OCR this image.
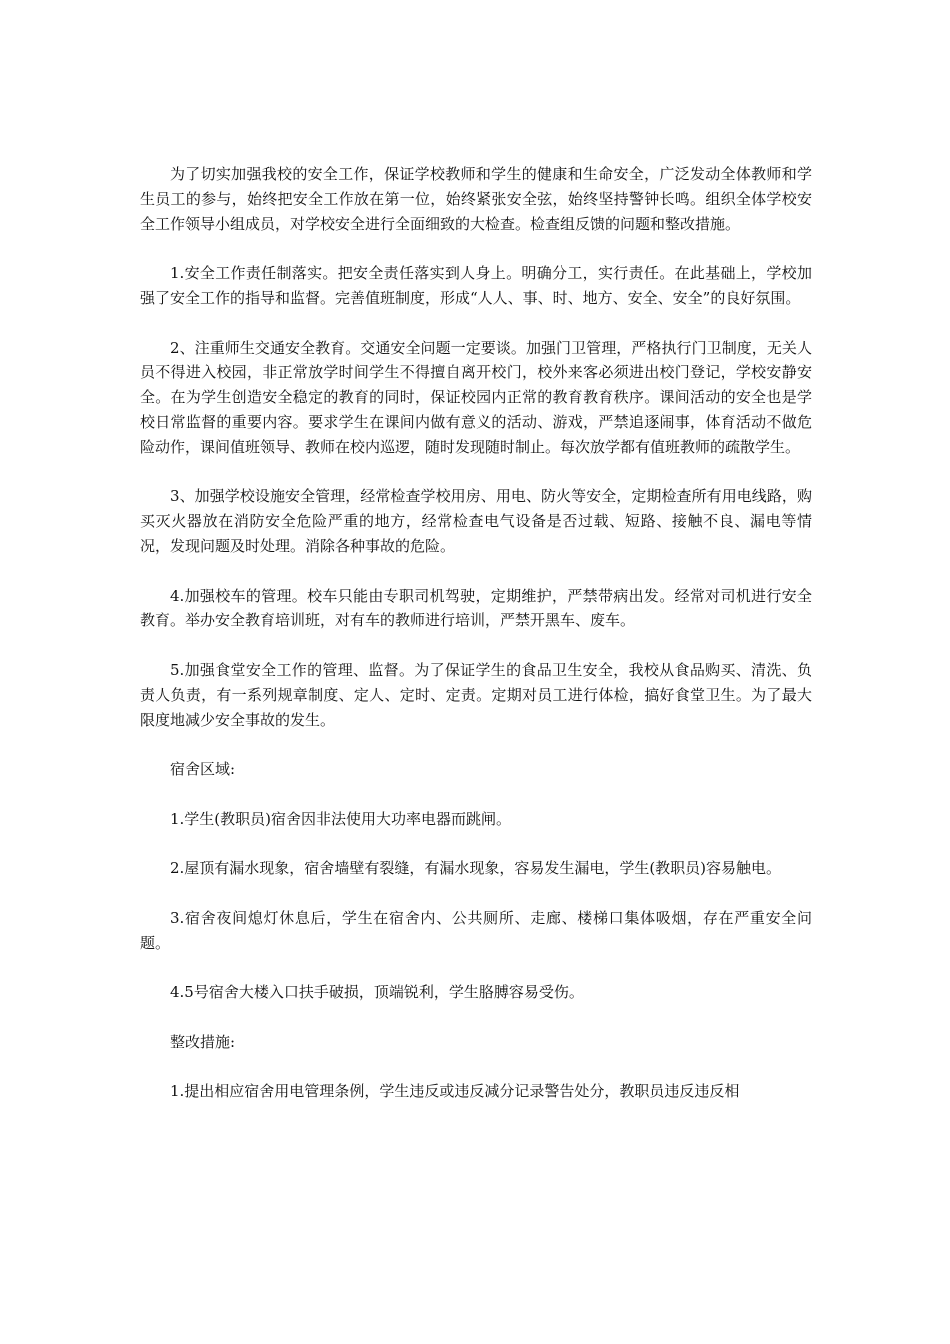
为了切实加强我校的安全工作，保证学校教师和学生的健康和生命安全，广泛发动全体教师和学生员工的参与，始终把安全工作放在第一位，始终紧张安全弦，始终坚持警钟长鸣。组织全体学校安全工作领导小组成员，对学校安全进行全面细致的大检查。检查组反馈的问题和整改措施。

1.安全工作责任制落实。把安全责任落实到人身上。明确分工，实行责任。在此基础上，学校加强了安全工作的指导和监督。完善值班制度，形成“人人、事、时、地方、安全、安全”的良好氛围。

2、注重师生交通安全教育。交通安全问题一定要谈。加强门卫管理，严格执行门卫制度，无关人员不得进入校园，非正常放学时间学生不得擅自离开校门，校外来客必须进出校门登记，学校安静安全。在为学生创造安全稳定的教育的同时，保证校园内正常的教育教育秩序。课间活动的安全也是学校日常监督的重要内容。要求学生在课间内做有意义的活动、游戏，严禁追逐闹事，体育活动不做危险动作，课间值班领导、教师在校内巡逻，随时发现随时制止。每次放学都有值班教师的疏散学生。

3、加强学校设施安全管理，经常检查学校用房、用电、防火等安全，定期检查所有用电线路，购买灭火器放在消防安全危险严重的地方，经常检查电气设备是否过载、短路、接触不良、漏电等情况，发现问题及时处理。消除各种事故的危险。

4.加强校车的管理。校车只能由专职司机驾驶，定期维护，严禁带病出发。经常对司机进行安全教育。举办安全教育培训班，对有车的教师进行培训，严禁开黑车、废车。

5.加强食堂安全工作的管理、监督。为了保证学生的食品卫生安全，我校从食品购买、清洗、负责人负责，有一系列规章制度、定人、定时、定责。定期对员工进行体检，搞好食堂卫生。为了最大限度地减少安全事故的发生。

宿舍区域:

1.学生(教职员)宿舍因非法使用大功率电器而跳闸。

2.屋顶有漏水现象，宿舍墙壁有裂缝，有漏水现象，容易发生漏电，学生(教职员)容易触电。

3.宿舍夜间熄灯休息后，学生在宿舍内、公共厕所、走廊、楼梯口集体吸烟，存在严重安全问题。

4.5号宿舍大楼入口扶手破损，顶端锐利，学生胳膊容易受伤。

整改措施:

1.提出相应宿舍用电管理条例，学生违反或违反减分记录警告处分，教职员违反违反相
